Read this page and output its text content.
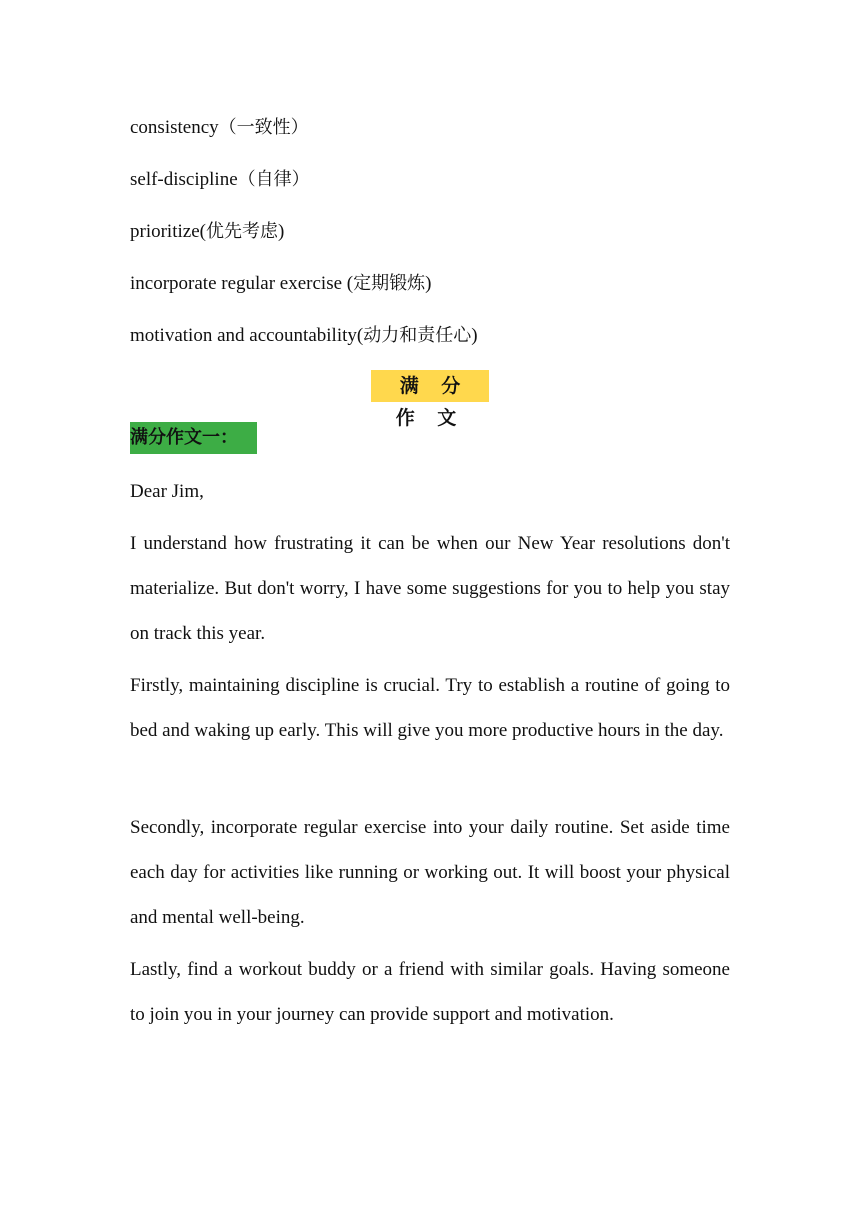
consistency（一致性）
self-discipline（自律）
prioritize(优先考虑)
incorporate regular exercise (定期锻炼)
motivation and accountability(动力和责任心)
满 分 作 文
满分作文一：
Dear Jim,

I understand how frustrating it can be when our New Year resolutions don't materialize. But don't worry, I have some suggestions for you to help you stay on track this year.

Firstly, maintaining discipline is crucial. Try to establish a routine of going to bed and waking up early. This will give you more productive hours in the day.

Secondly, incorporate regular exercise into your daily routine. Set aside time each day for activities like running or working out. It will boost your physical and mental well-being.

Lastly, find a workout buddy or a friend with similar goals. Having someone to join you in your journey can provide support and motivation.
